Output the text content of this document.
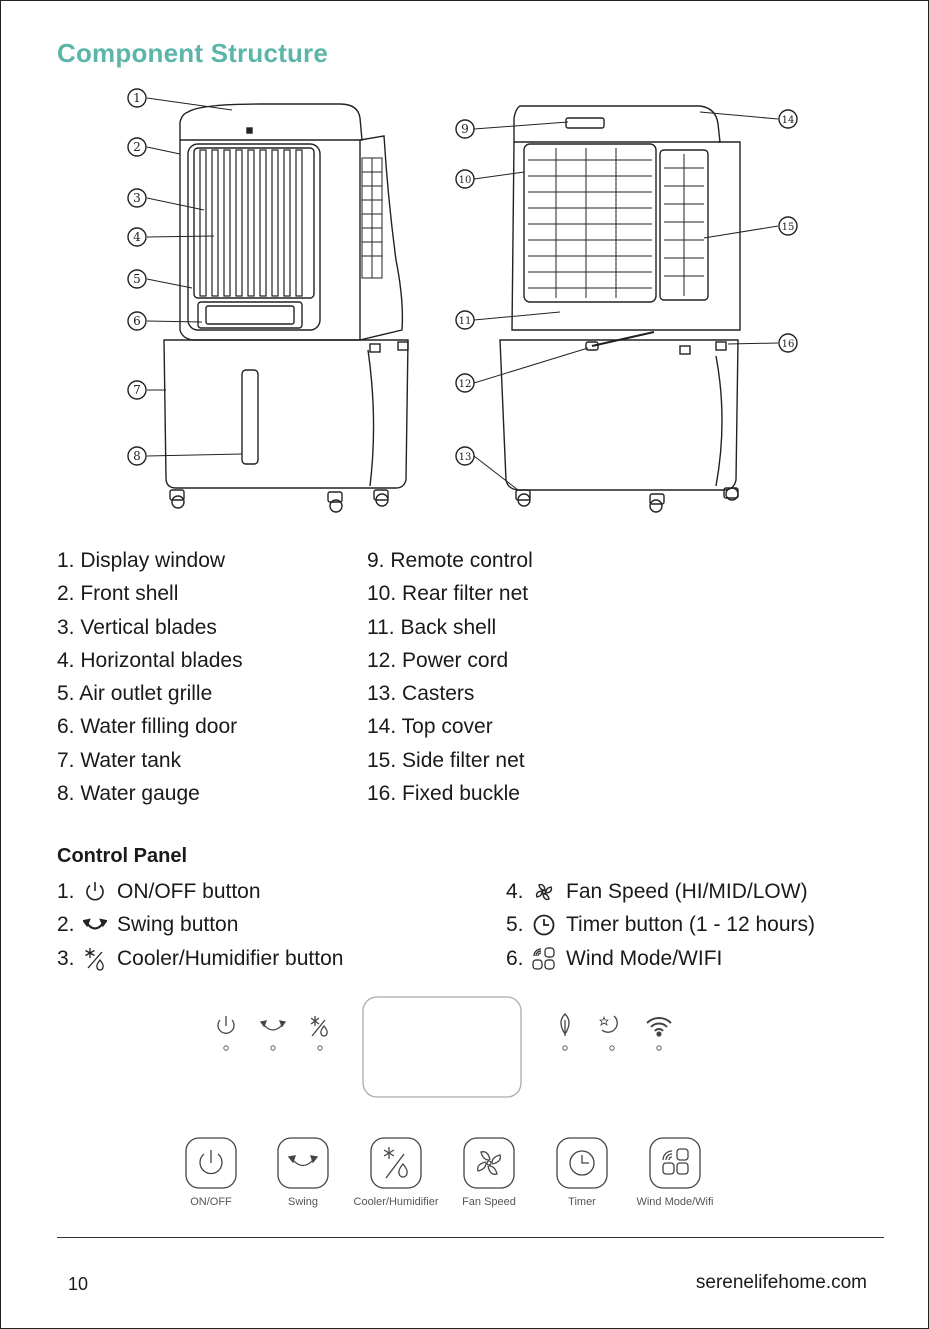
Component Structure
1
2
3
4
5
6
7
8
9
10
11
12
13
14
15
16
1. Display window
2. Front shell
3. Vertical blades
4. Horizontal blades
5. Air outlet grille
6. Water filling door
7. Water tank
8. Water gauge
9. Remote control
10. Rear filter net
11. Back shell
12. Power cord
13. Casters
14. Top cover
15. Side filter net
16. Fixed buckle
Control Panel
1.	ON/OFF button
2.	Swing button
3.	Cooler/Humidifier button
4.	Fan Speed (HI/MID/LOW)
5.	Timer button (1 - 12 hours)
6.	Wind Mode/WIFI
ON/OFF	Swing	Cooler/Humidifier Fan Speed	Timer	Wind Mode/Wifi
10	serenelifehome.com
